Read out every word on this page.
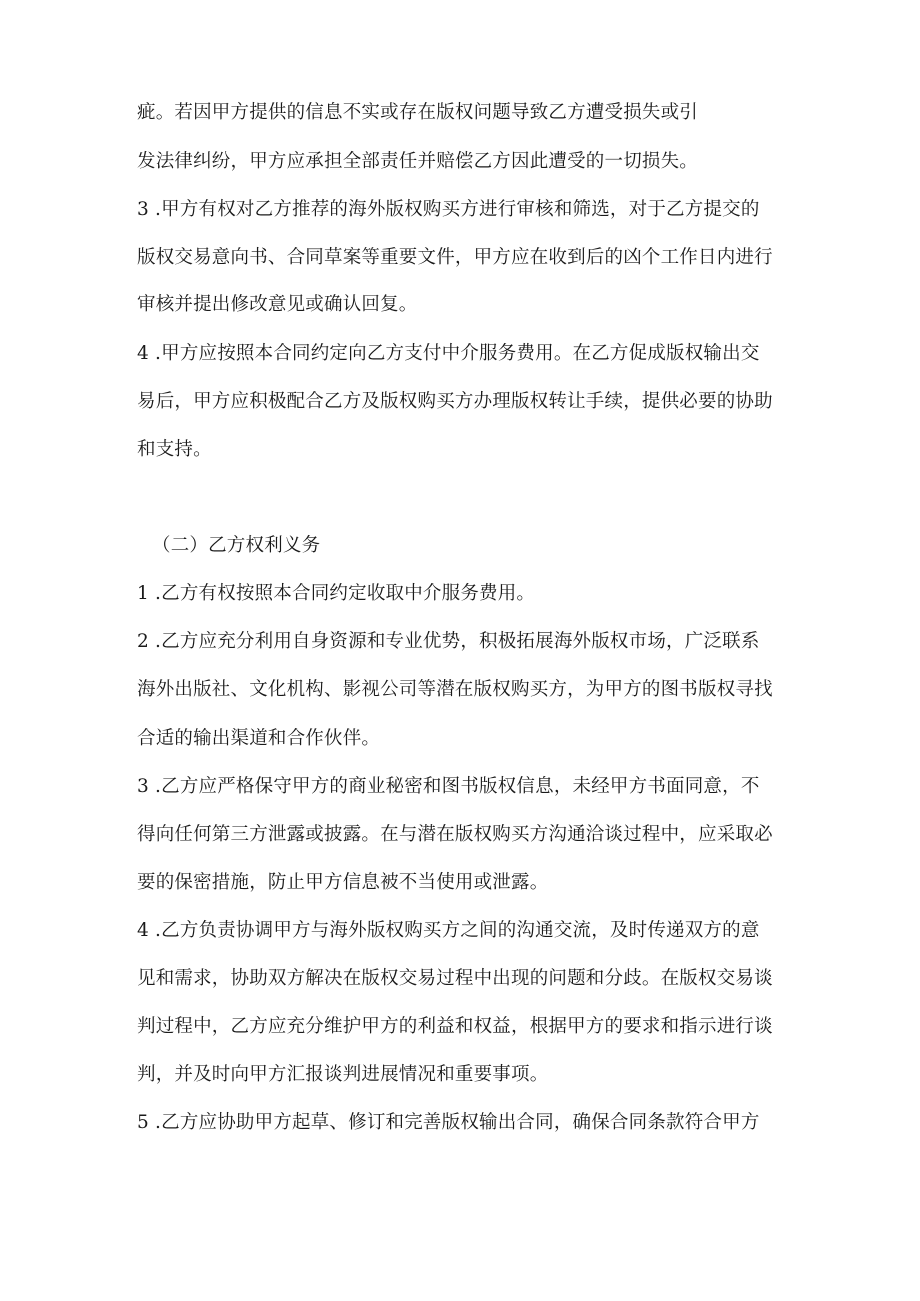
疵。若因甲方提供的信息不实或存在版权问题导致乙方遭受损失或引
发法律纠纷，甲方应承担全部责任并赔偿乙方因此遭受的一切损失。
3 .甲方有权对乙方推荐的海外版权购买方进行审核和筛选，对于乙方提交的
版权交易意向书、合同草案等重要文件，甲方应在收到后的凶个工作日内进行
审核并提出修改意见或确认回复。
4 .甲方应按照本合同约定向乙方支付中介服务费用。在乙方促成版权输出交
易后，甲方应积极配合乙方及版权购买方办理版权转让手续，提供必要的协助
和支持。
（二）乙方权利义务
1 .乙方有权按照本合同约定收取中介服务费用。
2 .乙方应充分利用自身资源和专业优势，积极拓展海外版权市场，广泛联系
海外出版社、文化机构、影视公司等潜在版权购买方，为甲方的图书版权寻找
合适的输出渠道和合作伙伴。
3 .乙方应严格保守甲方的商业秘密和图书版权信息，未经甲方书面同意，不
得向任何第三方泄露或披露。在与潜在版权购买方沟通洽谈过程中，应采取必
要的保密措施，防止甲方信息被不当使用或泄露。
4 .乙方负责协调甲方与海外版权购买方之间的沟通交流，及时传递双方的意
见和需求，协助双方解决在版权交易过程中出现的问题和分歧。在版权交易谈
判过程中，乙方应充分维护甲方的利益和权益，根据甲方的要求和指示进行谈
判，并及时向甲方汇报谈判进展情况和重要事项。
5 .乙方应协助甲方起草、修订和完善版权输出合同，确保合同条款符合甲方
